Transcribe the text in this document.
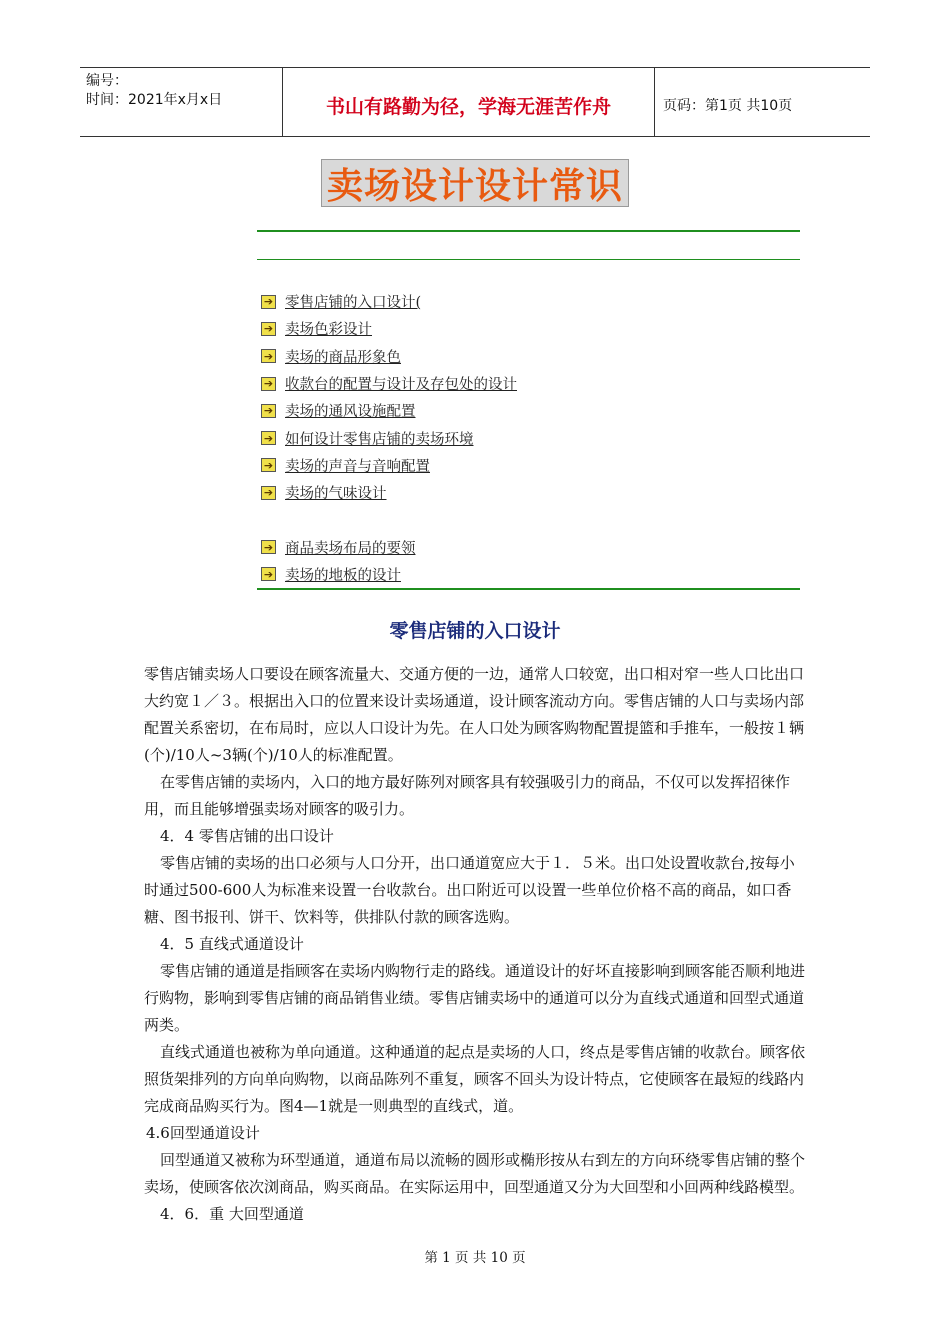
编号：
时间：2021年x月x日	书山有路勤为径，学海无涯苦作舟	页码：第1页 共10页
卖场设计设计常识
➔ 零售店铺的入口设计(
➔ 卖场色彩设计
➔ 卖场的商品形象色
➔ 收款台的配置与设计及存包处的设计
➔ 卖场的通风设施配置
➔ 如何设计零售店铺的卖场环境
➔ 卖场的声音与音响配置
➔ 卖场的气味设计
➔ 商品卖场布局的要领
➔ 卖场的地板的设计
零售店铺的入口设计

零售店铺卖场人口要设在顾客流量大、交通方便的一边，通常人口较宽，出口相对窄一些人口比出口大约宽１／３。根据出入口的位置来设计卖场通道，设计顾客流动方向。零售店铺的人口与卖场内部配置关系密切，在布局时，应以人口设计为先。在人口处为顾客购物配置提篮和手推车，一般按１辆(个)/10人~3辆(个)/10人的标准配置。

在零售店铺的卖场内，入口的地方最好陈列对顾客具有较强吸引力的商品，不仅可以发挥招徕作用，而且能够增强卖场对顾客的吸引力。

4．4 零售店铺的出口设计

零售店铺的卖场的出口必须与人口分开，出口通道宽应大于１．５米。出口处设置收款台,按每小时通过500-600人为标准来设置一台收款台。出口附近可以设置一些单位价格不高的商品，如口香糖、图书报刊、饼干、饮料等，供排队付款的顾客选购。

4．5 直线式通道设计

零售店铺的通道是指顾客在卖场内购物行走的路线。通道设计的好坏直接影响到顾客能否顺利地进行购物，影响到零售店铺的商品销售业绩。零售店铺卖场中的通道可以分为直线式通道和回型式通道两类。

直线式通道也被称为单向通道。这种通道的起点是卖场的人口，终点是零售店铺的收款台。顾客依照货架排列的方向单向购物，以商品陈列不重复，顾客不回头为设计特点，它使顾客在最短的线路内完成商品购买行为。图4—1就是一则典型的直线式，道。

4.6回型通道设计

回型通道又被称为环型通道，通道布局以流畅的圆形或椭形按从右到左的方向环绕零售店铺的整个卖场，使顾客依次浏商品，购买商品。在实际运用中，回型通道又分为大回型和小回两种线路模型。

4．6．重 大回型通道

第 1 页 共 10 页
